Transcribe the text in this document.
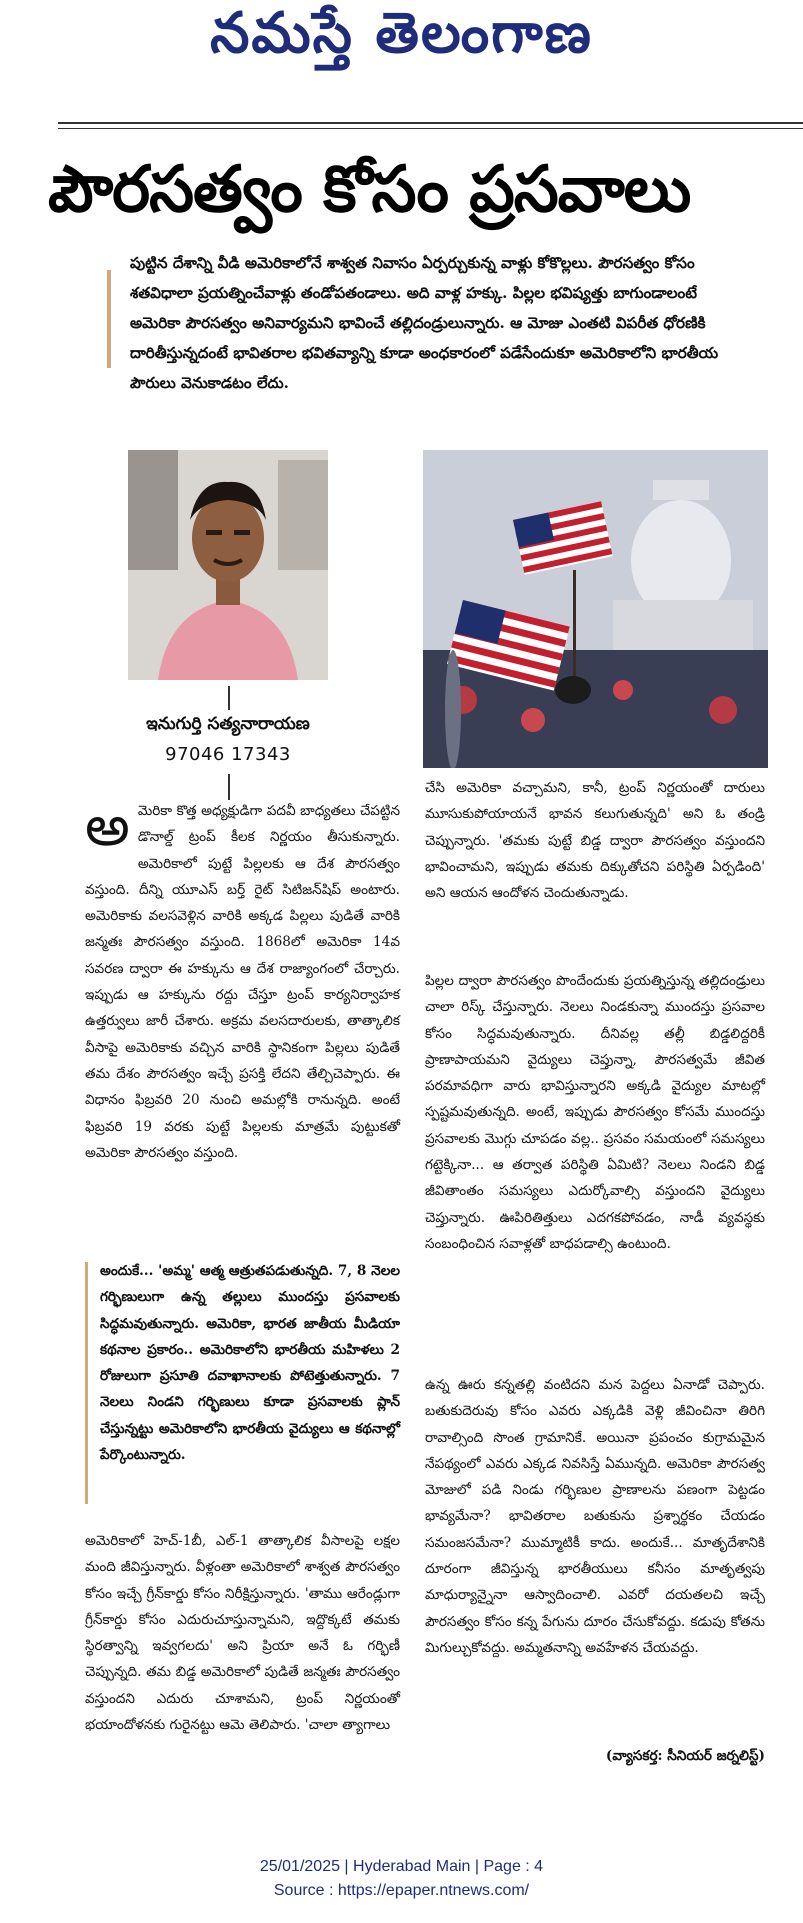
నమస్తే తెలంగాణ
పౌరసత్వం కోసం ప్రసవాలు

పుట్టిన దేశాన్ని వీడి అమెరికాలోనే శాశ్వత నివాసం ఏర్పర్చుకున్న వాళ్లు కోకొల్లలు. పౌరసత్వం కోసం శతవిధాలా ప్రయత్నించేవాళ్లు తండోపతండాలు. అది వాళ్ల హక్కు. పిల్లల భవిష్యత్తు బాగుండాలంటే అమెరికా పౌరసత్వం అనివార్యమని భావించే తల్లిదండ్రులున్నారు. ఆ మోజు ఎంతటి విపరీత ధోరణికి దారితీస్తున్నదంటే భావితరాల భవితవ్యాన్ని కూడా అంధకారంలో పడేసేందుకూ అమెరికాలోని భారతీయ పౌరులు వెనుకాడటం లేదు.

ఇనుగుర్తి సత్యనారాయణ
97046 17343
అమెరికా కొత్త అధ్యక్షుడిగా పదవీ బాధ్యతలు చేపట్టిన డొనాల్డ్ ట్రంప్ కీలక నిర్ణయం తీసుకున్నారు. అమెరికాలో పుట్టే పిల్లలకు ఆ దేశ పౌరసత్వం వస్తుంది. దీన్ని యూఎస్ బర్త్ రైట్ సిటిజన్‌షిప్ అంటారు. అమెరికాకు వలసవెళ్లిన వారికి అక్కడ పిల్లలు పుడితే వారికి జన్మతః పౌరసత్వం వస్తుంది. 1868లో అమెరికా 14వ సవరణ ద్వారా ఈ హక్కును ఆ దేశ రాజ్యాంగంలో చేర్చారు. ఇప్పుడు ఆ హక్కును రద్దు చేస్తూ ట్రంప్ కార్యనిర్వాహక ఉత్తర్వులు జారీ చేశారు. అక్రమ వలసదారులకు, తాత్కాలిక వీసాపై అమెరికాకు వచ్చిన వారికి స్థానికంగా పిల్లలు పుడితే తమ దేశం పౌరసత్వం ఇచ్చే ప్రసక్తి లేదని తేల్చిచెప్పారు. ఈ విధానం ఫిబ్రవరి 20 నుంచి అమల్లోకి రానున్నది. అంటే ఫిబ్రవరి 19 వరకు పుట్టే పిల్లలకు మాత్రమే పుట్టుకతో అమెరికా పౌరసత్వం వస్తుంది.

అందుకే... 'అమ్మ' ఆత్మ ఆత్రుతపడుతున్నది. 7, 8 నెలల గర్భిణులుగా ఉన్న తల్లులు ముందస్తు ప్రసవాలకు సిద్ధమవుతున్నారు. అమెరికా, భారత జాతీయ మీడియా కథనాల ప్రకారం.. అమెరికాలోని భారతీయ మహిళలు 2 రోజులుగా ప్రసూతి దవాఖానాలకు పోటెత్తుతున్నారు. 7 నెలలు నిండని గర్భిణులు కూడా ప్రసవాలకు ప్లాన్ చేస్తున్నట్టు అమెరికాలోని భారతీయ వైద్యులు ఆ కథనాల్లో పేర్కొంటున్నారు.

అమెరికాలో హెచ్-1బీ, ఎల్-1 తాత్కాలిక వీసాలపై లక్షల మంది జీవిస్తున్నారు. వీళ్లంతా అమెరికాలో శాశ్వత పౌరసత్వం కోసం ఇచ్చే గ్రీన్‌కార్డు కోసం నిరీక్షిస్తున్నారు. 'తాము ఆరేండ్లుగా గ్రీన్‌కార్డు కోసం ఎదురుచూస్తున్నామని, ఇద్దొక్కటే తమకు స్థిరత్వాన్ని ఇవ్వగలదు' అని ప్రియా అనే ఓ గర్భిణీ చెప్పున్నది. తమ బిడ్డ అమెరికాలో పుడితే జన్మతః పౌరసత్వం వస్తుందని ఎదురు చూశామని, ట్రంప్ నిర్ణయంతో భయాందోళనకు గురైనట్టు ఆమె తెలిపారు. 'చాలా త్యాగాలు

చేసి అమెరికా వచ్చామని, కానీ, ట్రంప్ నిర్ణయంతో దారులు మూసుకుపోయాయనే భావన కలుగుతున్నది' అని ఓ తండ్రి చెప్పున్నారు. 'తమకు పుట్టే బిడ్డ ద్వారా పౌరసత్వం వస్తుందని భావించామని, ఇప్పుడు తమకు దిక్కుతోచని పరిస్థితి ఏర్పడింది' అని ఆయన ఆందోళన చెందుతున్నాడు.

పిల్లల ద్వారా పౌరసత్వం పొందేందుకు ప్రయత్నిస్తున్న తల్లిదండ్రులు చాలా రిస్క్ చేస్తున్నారు. నెలలు నిండకున్నా ముందస్తు ప్రసవాల కోసం సిద్ధమవుతున్నారు. దీనివల్ల తల్లీ బిడ్డలిద్దరికీ ప్రాణాపాయమని వైద్యులు చెప్తున్నా, పౌరసత్వమే జీవిత పరమావధిగా వారు భావిస్తున్నారని అక్కడి వైద్యుల మాటల్లో స్పష్టమవుతున్నది. అంటే, ఇప్పుడు పౌరసత్వం కోసమే ముందస్తు ప్రసవాలకు మొగ్గు చూపడం వల్ల.. ప్రసవం సమయంలో సమస్యలు గట్టెక్కినా... ఆ తర్వాత పరిస్థితి ఏమిటి? నెలలు నిండని బిడ్డ జీవితాంతం సమస్యలు ఎదుర్కోవాల్సి వస్తుందని వైద్యులు చెప్తున్నారు. ఊపిరితిత్తులు ఎదగకపోవడం, నాడీ వ్యవస్థకు సంబంధించిన సవాళ్లతో బాధపడాల్సి ఉంటుంది.

ఉన్న ఊరు కన్నతల్లి వంటిదని మన పెద్దలు ఏనాడో చెప్పారు. బతుకుదెరువు కోసం ఎవరు ఎక్కడికి వెళ్లి జీవించినా తిరిగి రావాల్సింది సొంత గ్రామానికే. అయినా ప్రపంచం కుగ్రామమైన నేపథ్యంలో ఎవరు ఎక్కడ నివసిస్తే ఏమున్నది. అమెరికా పౌరసత్వ మోజులో పడి నిండు గర్భిణుల ప్రాణాలను పణంగా పెట్టడం భావ్యమేనా? భావితరాల బతుకును ప్రశ్నార్థకం చేయడం సమంజసమేనా? ముమ్మాటికీ కాదు. అందుకే... మాతృదేశానికి దూరంగా జీవిస్తున్న భారతీయులు కనీసం మాతృత్వపు మాధుర్యాన్నైనా ఆస్వాదించాలి. ఎవరో దయతలచి ఇచ్చే పౌరసత్వం కోసం కన్న పేగును దూరం చేసుకోవద్దు. కడుపు కోతను మిగుల్చుకోవద్దు. అమ్మతనాన్ని అవహేళన చేయవద్దు.

(వ్యాసకర్త: సీనియర్ జర్నలిస్ట్)
25/01/2025 | Hyderabad Main | Page : 4
Source : https://epaper.ntnews.com/
